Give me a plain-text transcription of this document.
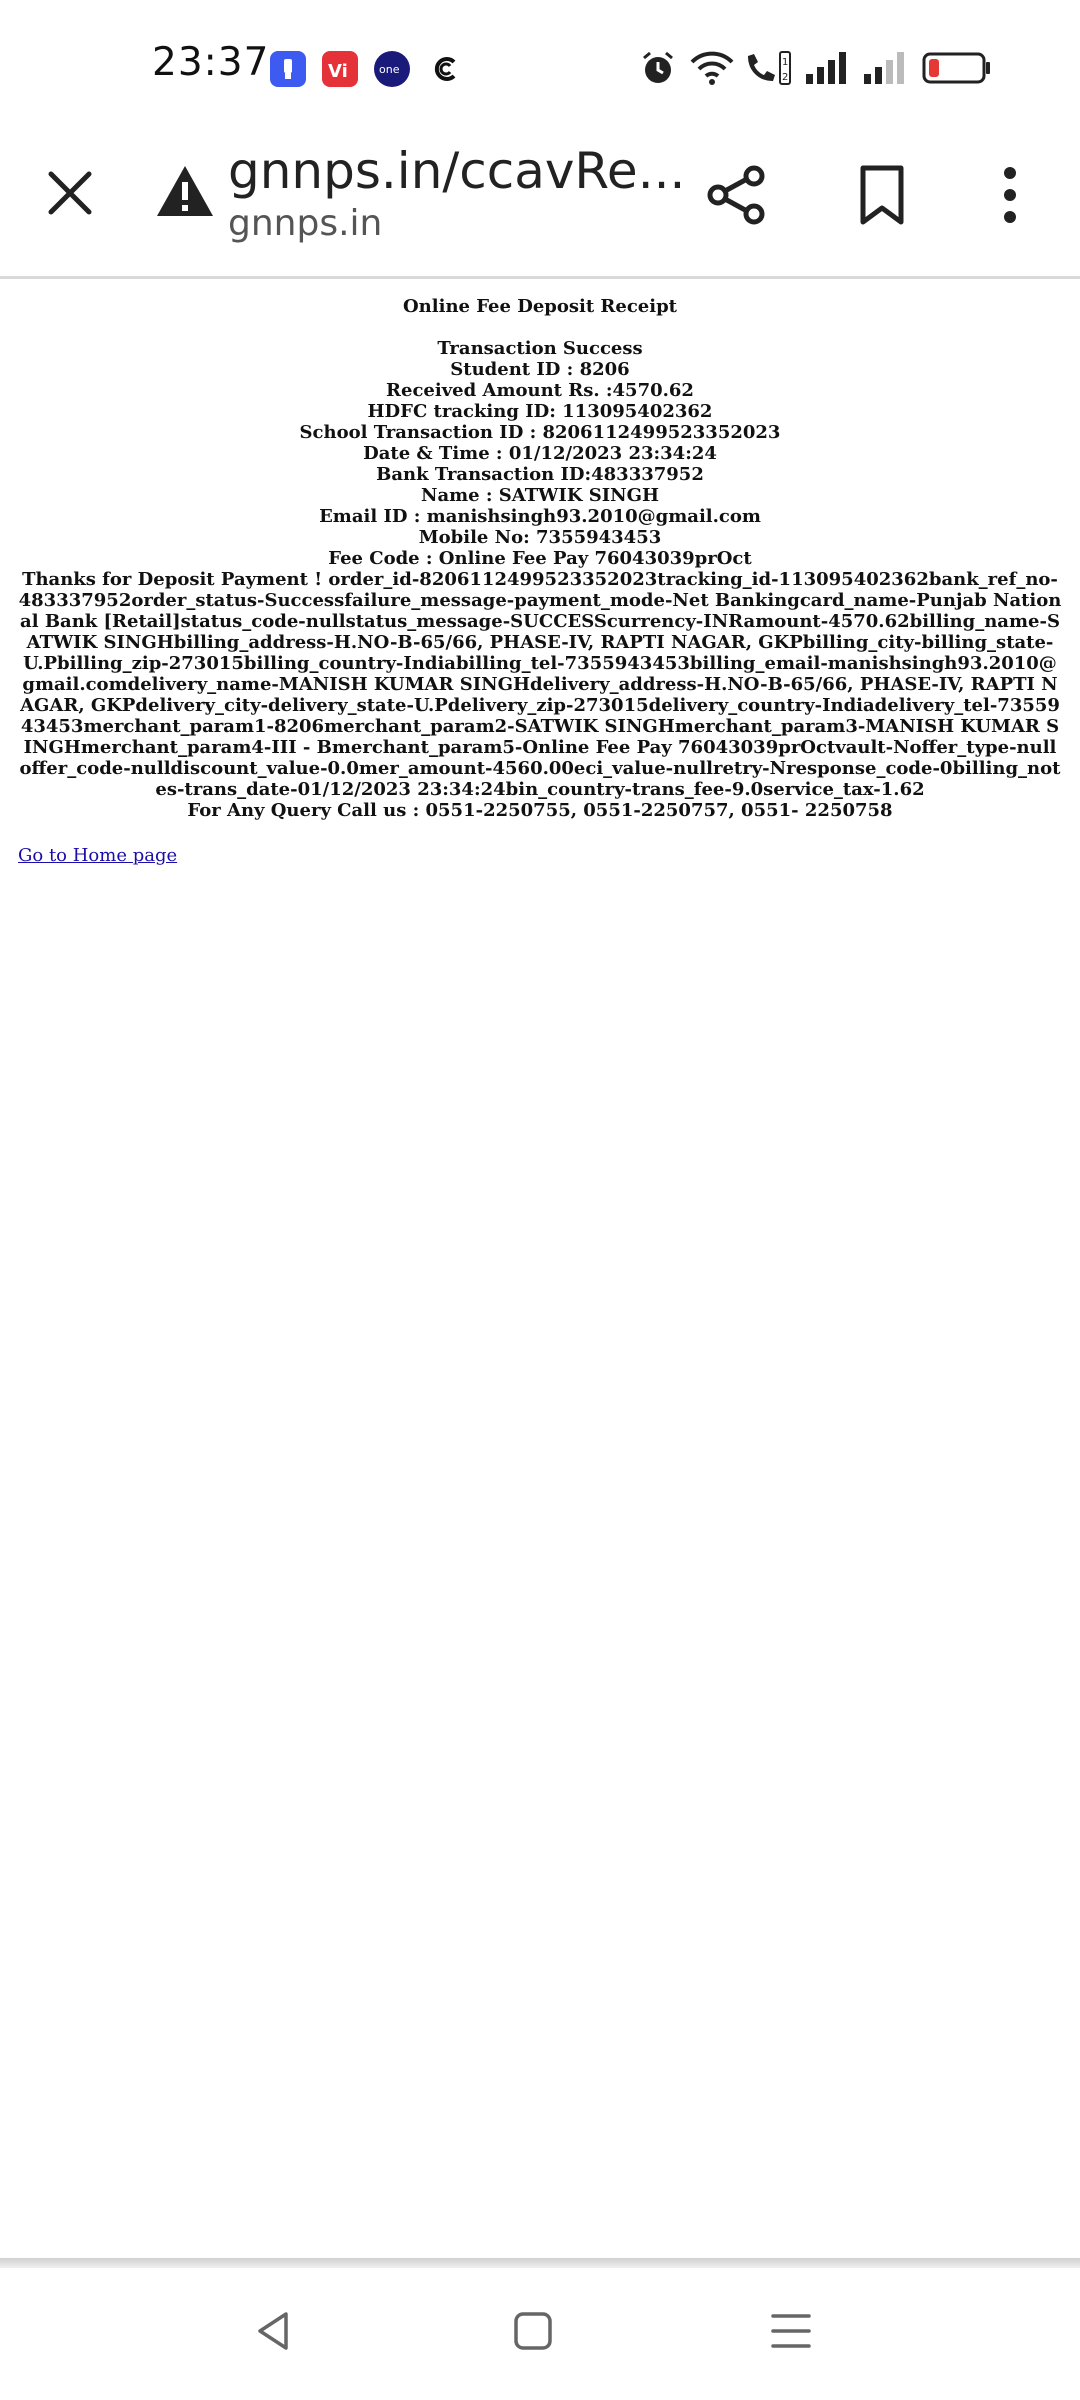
23:37	Vi	one
1
2
gnnps.in/ccavRe...
gnnps.in

Online Fee Deposit Receipt

Transaction Success

Student ID : 8206

Received Amount Rs. :4570.62

HDFC tracking ID: 113095402362

School Transaction ID : 8206112499523352023

Date & Time : 01/12/2023 23:34:24

Bank Transaction ID:483337952

Name : SATWIK SINGH

Email ID : manishsingh93.2010@gmail.com

Mobile No: 7355943453

Fee Code : Online Fee Pay 76043039prOct

Thanks for Deposit Payment ! order_id-8206112499523352023tracking_id-113095402362bank_ref_no-483337952order_status-Successfailure_message-payment_mode-Net Bankingcard_name-Punjab National Bank [Retail]status_code-nullstatus_message-SUCCESScurrency-INRamount-4570.62billing_name-SATWIK SINGHbilling_address-H.NO-B-65/66, PHASE-IV, RAPTI NAGAR, GKPbilling_city-billing_state-U.Pbilling_zip-273015billing_country-Indiabilling_tel-7355943453billing_email-manishsingh93.2010@gmail.comdelivery_name-MANISH KUMAR SINGHdelivery_address-H.NO-B-65/66, PHASE-IV, RAPTI NAGAR, GKPdelivery_city-delivery_state-U.Pdelivery_zip-273015delivery_country-Indiadelivery_tel-7355943453merchant_param1-8206merchant_param2-SATWIK SINGHmerchant_param3-MANISH KUMAR SINGHmerchant_param4-III - Bmerchant_param5-Online Fee Pay 76043039prOctvault-Noffer_type-nulloffer_code-nulldiscount_value-0.0mer_amount-4560.00eci_value-nullretry-Nresponse_code-0billing_notes-trans_date-01/12/2023 23:34:24bin_country-trans_fee-9.0service_tax-1.62

For Any Query Call us : 0551-2250755, 0551-2250757, 0551- 2250758

Go to Home page
